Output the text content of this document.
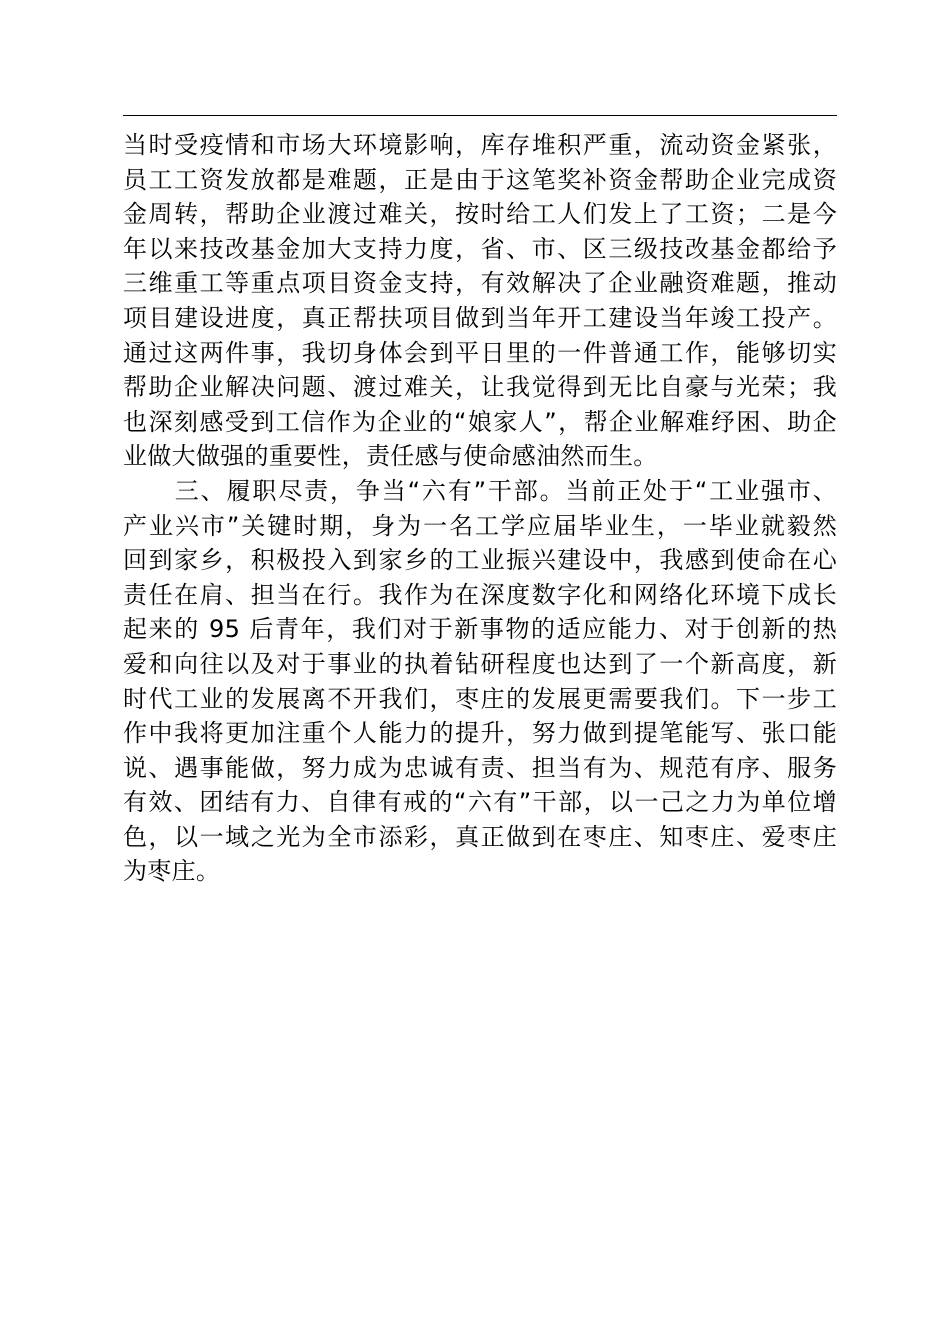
当时受疫情和市场大环境影响，库存堆积严重，流动资金紧张，
员工工资发放都是难题，正是由于这笔奖补资金帮助企业完成资
金周转，帮助企业渡过难关，按时给工人们发上了工资；二是今
年以来技改基金加大支持力度，省、市、区三级技改基金都给予
三维重工等重点项目资金支持，有效解决了企业融资难题，推动
项目建设进度，真正帮扶项目做到当年开工建设当年竣工投产。
通过这两件事，我切身体会到平日里的一件普通工作，能够切实
帮助企业解决问题、渡过难关，让我觉得到无比自豪与光荣；我
也深刻感受到工信作为企业的“娘家人”，帮企业解难纾困、助企
业做大做强的重要性，责任感与使命感油然而生。
　　三、履职尽责，争当“六有”干部。当前正处于“工业强市、
产业兴市”关键时期，身为一名工学应届毕业生，一毕业就毅然
回到家乡，积极投入到家乡的工业振兴建设中，我感到使命在心
责任在肩、担当在行。我作为在深度数字化和网络化环境下成长
起来的 95 后青年，我们对于新事物的适应能力、对于创新的热
爱和向往以及对于事业的执着钻研程度也达到了一个新高度，新
时代工业的发展离不开我们，枣庄的发展更需要我们。下一步工
作中我将更加注重个人能力的提升，努力做到提笔能写、张口能
说、遇事能做，努力成为忠诚有责、担当有为、规范有序、服务
有效、团结有力、自律有戒的“六有”干部，以一己之力为单位增
色，以一域之光为全市添彩，真正做到在枣庄、知枣庄、爱枣庄
为枣庄。
